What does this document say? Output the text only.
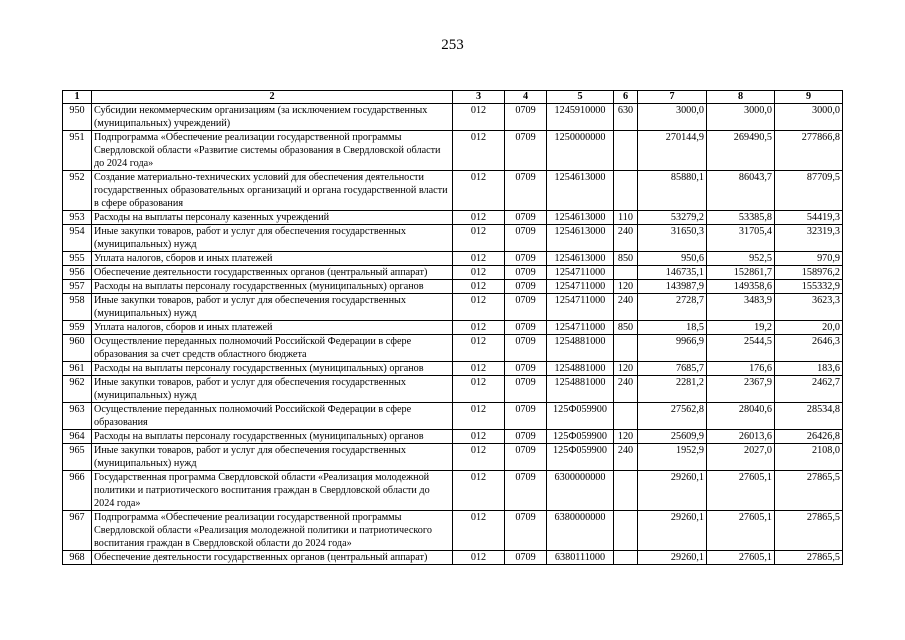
253
1	2	3	4	5	6	7	8	9
950	Субсидии некоммерческим организациям (за исключением государственных (муниципальных) учреждений)	012	0709	1245910000	630	3000,0	3000,0	3000,0
951	Подпрограмма «Обеспечение реализации государственной программы Свердловской области «Развитие системы образования в Свердловской области до 2024 года»	012	0709	1250000000		270144,9	269490,5	277866,8
952	Создание материально-технических условий для обеспечения деятельности государственных образовательных организаций и органа государственной власти в сфере образования	012	0709	1254613000		85880,1	86043,7	87709,5
953	Расходы на выплаты персоналу казенных учреждений	012	0709	1254613000	110	53279,2	53385,8	54419,3
954	Иные закупки товаров, работ и услуг для обеспечения государственных (муниципальных) нужд	012	0709	1254613000	240	31650,3	31705,4	32319,3
955	Уплата налогов, сборов и иных платежей	012	0709	1254613000	850	950,6	952,5	970,9
956	Обеспечение деятельности государственных органов (центральный аппарат)	012	0709	1254711000		146735,1	152861,7	158976,2
957	Расходы на выплаты персоналу государственных (муниципальных) органов	012	0709	1254711000	120	143987,9	149358,6	155332,9
958	Иные закупки товаров, работ и услуг для обеспечения государственных (муниципальных) нужд	012	0709	1254711000	240	2728,7	3483,9	3623,3
959	Уплата налогов, сборов и иных платежей	012	0709	1254711000	850	18,5	19,2	20,0
960	Осуществление переданных полномочий Российской Федерации в сфере образования за счет средств областного бюджета	012	0709	1254881000		9966,9	2544,5	2646,3
961	Расходы на выплаты персоналу государственных (муниципальных) органов	012	0709	1254881000	120	7685,7	176,6	183,6
962	Иные закупки товаров, работ и услуг для обеспечения государственных (муниципальных) нужд	012	0709	1254881000	240	2281,2	2367,9	2462,7
963	Осуществление переданных полномочий Российской Федерации в сфере образования	012	0709	125Ф059900		27562,8	28040,6	28534,8
964	Расходы на выплаты персоналу государственных (муниципальных) органов	012	0709	125Ф059900	120	25609,9	26013,6	26426,8
965	Иные закупки товаров, работ и услуг для обеспечения государственных (муниципальных) нужд	012	0709	125Ф059900	240	1952,9	2027,0	2108,0
966	Государственная программа Свердловской области «Реализация молодежной политики и патриотического воспитания граждан в Свердловской области до 2024 года»	012	0709	6300000000		29260,1	27605,1	27865,5
967	Подпрограмма «Обеспечение реализации государственной программы Свердловской области «Реализация молодежной политики и патриотического воспитания граждан в Свердловской области до 2024 года»	012	0709	6380000000		29260,1	27605,1	27865,5
968	Обеспечение деятельности государственных органов (центральный аппарат)	012	0709	6380111000		29260,1	27605,1	27865,5
